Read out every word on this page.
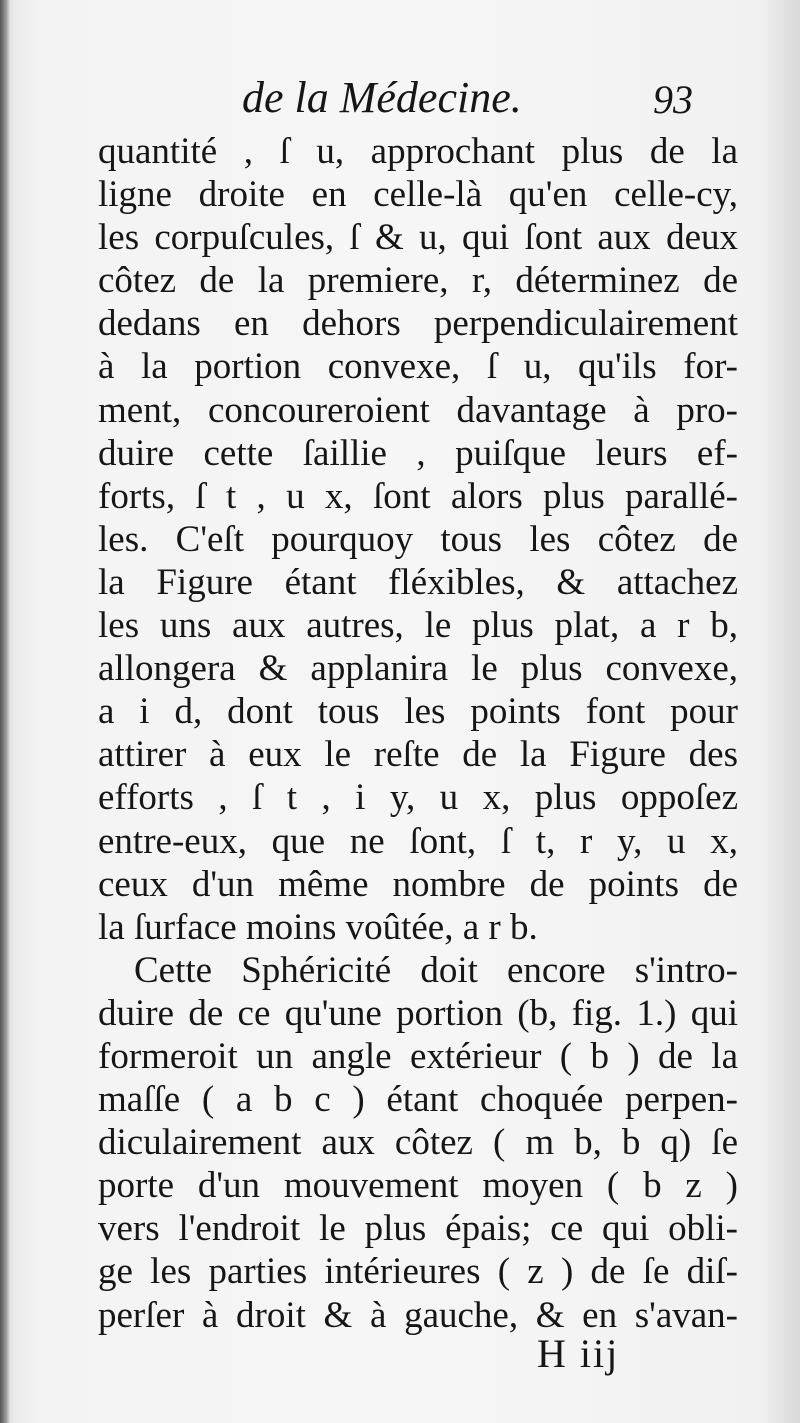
de la Médecine.	93
quantité , ſ u, approchant plus de la
ligne droite en celle-là qu'en celle-cy,
les corpuſcules, ſ & u, qui ſont aux deux
côtez de la premiere, r, déterminez de
dedans en dehors perpendiculairement
à la portion convexe, ſ u, qu'ils for-
ment, concoureroient davantage à pro-
duire cette ſaillie , puiſque leurs ef-
forts, ſ t , u x, ſont alors plus parallé-
les. C'eſt pourquoy tous les côtez de
la Figure étant fléxibles, & attachez
les uns aux autres, le plus plat, a r b,
allongera & applanira le plus convexe,
a i d, dont tous les points font pour
attirer à eux le reſte de la Figure des
efforts , ſ t , i y, u x, plus oppoſez
entre-eux, que ne ſont, ſ t, r y, u x,
ceux d'un même nombre de points de
la ſurface moins voûtée, a r b.
Cette Sphéricité doit encore s'intro-
duire de ce qu'une portion (b, fig. 1.) qui
formeroit un angle extérieur ( b ) de la
maſſe ( a b c ) étant choquée perpen-
diculairement aux côtez ( m b, b q) ſe
porte d'un mouvement moyen ( b z )
vers l'endroit le plus épais; ce qui obli-
ge les parties intérieures ( z ) de ſe diſ-
perſer à droit & à gauche, & en s'avan-
H iij
